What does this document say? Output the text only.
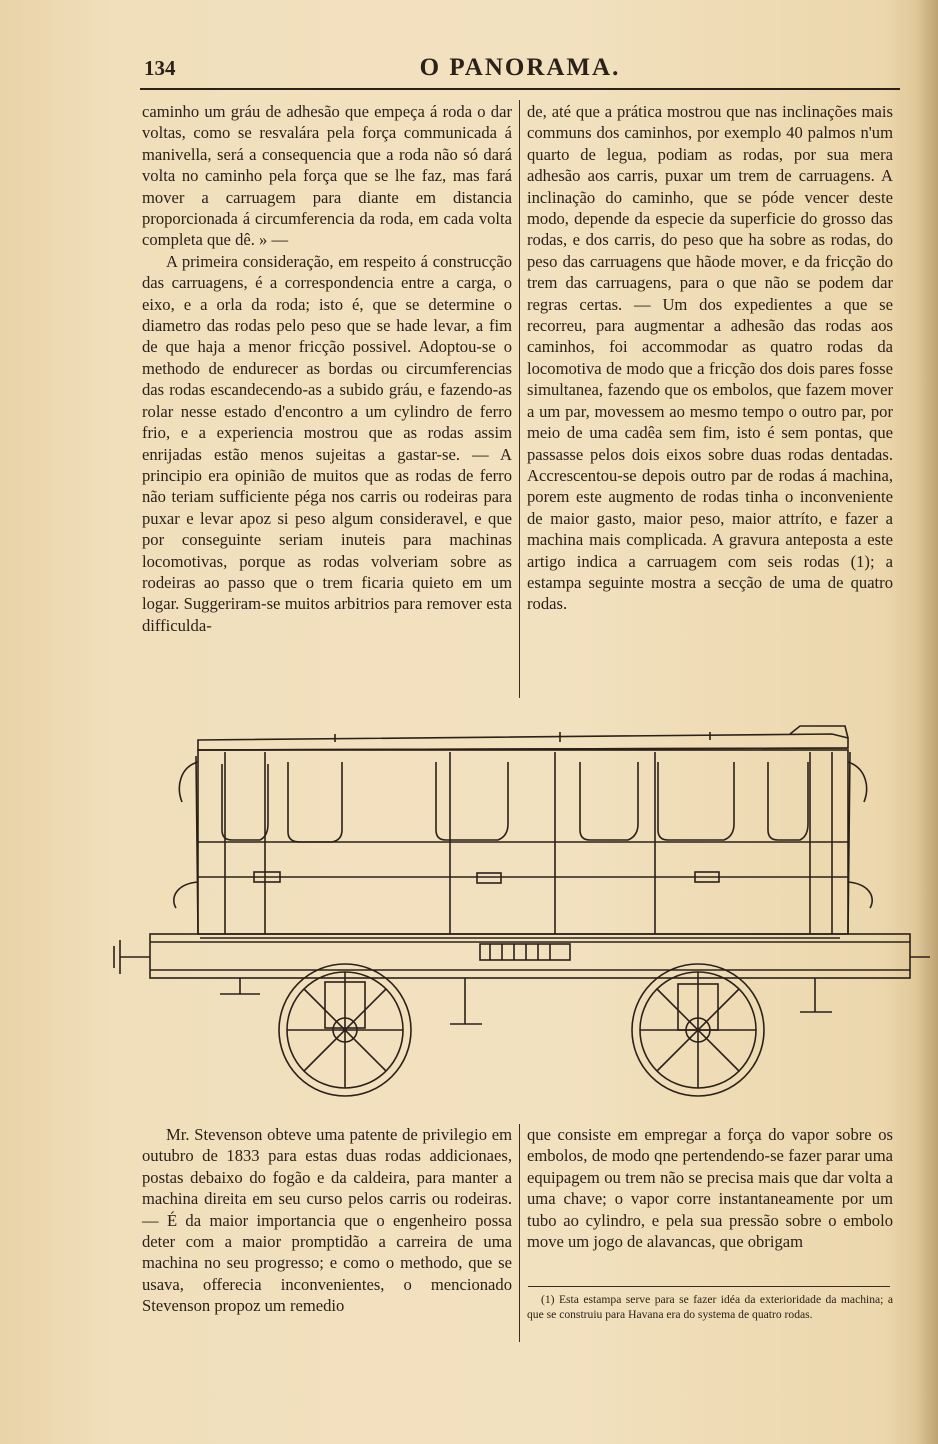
134	O PANORAMA.

caminho um gráu de adhesão que empeça á roda o dar voltas, como se resvalára pela força communicada á manivella, será a consequencia que a roda não só dará volta no caminho pela força que se lhe faz, mas fará mover a carruagem para diante em distancia proporcionada á circumferencia da roda, em cada volta completa que dê. » —

A primeira consideração, em respeito á construcção das carruagens, é a correspondencia entre a carga, o eixo, e a orla da roda; isto é, que se determine o diametro das rodas pelo peso que se hade levar, a fim de que haja a menor fricção possivel. Adoptou-se o methodo de endurecer as bordas ou circumferencias das rodas escandecendo-as a subido gráu, e fazendo-as rolar nesse estado d'encontro a um cylindro de ferro frio, e a experiencia mostrou que as rodas assim enrijadas estão menos sujeitas a gastar-se. — A principio era opinião de muitos que as rodas de ferro não teriam sufficiente péga nos carris ou rodeiras para puxar e levar apoz si peso algum consideravel, e que por conseguinte seriam inuteis para machinas locomotivas, porque as rodas volveriam sobre as rodeiras ao passo que o trem ficaria quieto em um logar. Suggeriram-se muitos arbitrios para remover esta difficulda-

de, até que a prática mostrou que nas inclinações mais communs dos caminhos, por exemplo 40 palmos n'um quarto de legua, podiam as rodas, por sua mera adhesão aos carris, puxar um trem de carruagens. A inclinação do caminho, que se póde vencer deste modo, depende da especie da superficie do grosso das rodas, e dos carris, do peso que ha sobre as rodas, do peso das carruagens que hãode mover, e da fricção do trem das carruagens, para o que não se podem dar regras certas. — Um dos expedientes a que se recorreu, para augmentar a adhesão das rodas aos caminhos, foi accommodar as quatro rodas da locomotiva de modo que a fricção dos dois pares fosse simultanea, fazendo que os embolos, que fazem mover a um par, movessem ao mesmo tempo o outro par, por meio de uma cadêa sem fim, isto é sem pontas, que passasse pelos dois eixos sobre duas rodas dentadas. Accrescentou-se depois outro par de rodas á machina, porem este augmento de rodas tinha o inconveniente de maior gasto, maior peso, maior attríto, e fazer a machina mais complicada. A gravura anteposta a este artigo indica a carruagem com seis rodas (1); a estampa seguinte mostra a secção de uma de quatro rodas.

Mr. Stevenson obteve uma patente de privilegio em outubro de 1833 para estas duas rodas addicionaes, postas debaixo do fogão e da caldeira, para manter a machina direita em seu curso pelos carris ou rodeiras. — É da maior importancia que o engenheiro possa deter com a maior promptidão a carreira de uma machina no seu progresso; e como o methodo, que se usava, offerecia inconvenientes, o mencionado Stevenson propoz um remedio

que consiste em empregar a força do vapor sobre os embolos, de modo qne pertendendo-se fazer parar uma equipagem ou trem não se precisa mais que dar volta a uma chave; o vapor corre instantaneamente por um tubo ao cylindro, e pela sua pressão sobre o embolo move um jogo de alavancas, que obrigam

(1) Esta estampa serve para se fazer idéa da exterioridade da machina; a que se construiu para Havana era do systema de quatro rodas.
